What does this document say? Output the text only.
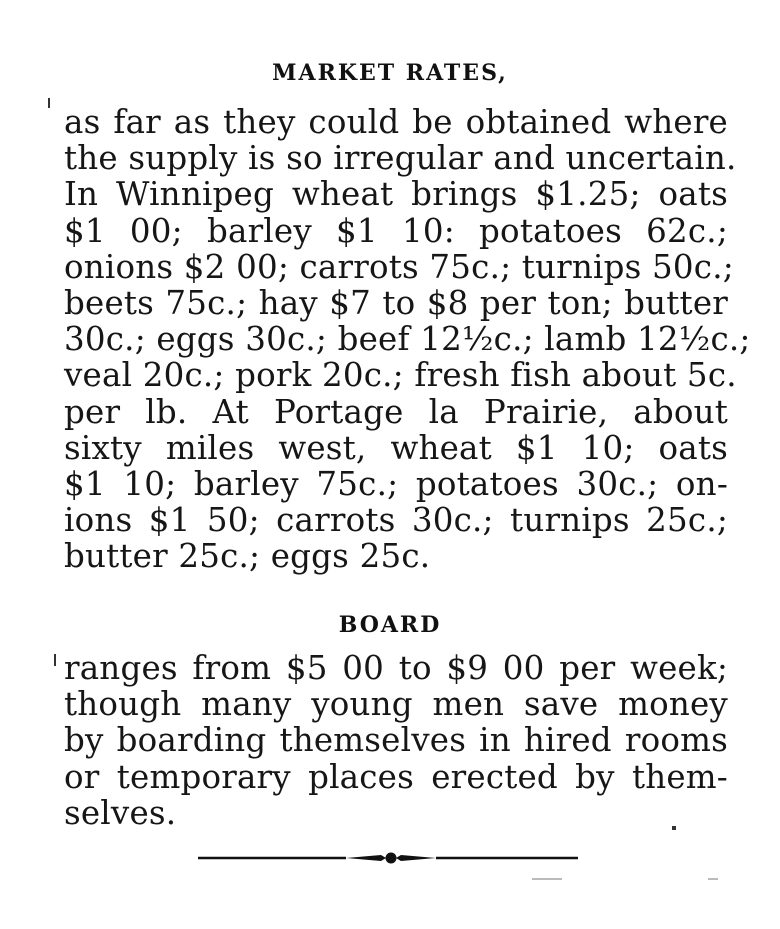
MARKET RATES,

as far as they could be obtained where
the supply is so irregular and uncertain.
In Winnipeg wheat brings $1.25; oats
$1 00; barley $1 10: potatoes 62c.;
onions $2 00; carrots 75c.; turnips 50c.;
beets 75c.; hay $7 to $8 per ton; butter
30c.; eggs 30c.; beef 12½c.; lamb 12½c.;
veal 20c.; pork 20c.; fresh fish about 5c.
per lb. At Portage la Prairie, about
sixty miles west, wheat $1 10; oats
$1 10; barley 75c.; potatoes 30c.; on-
ions $1 50; carrots 30c.; turnips 25c.;
butter 25c.; eggs 25c.

BOARD

ranges from $5 00 to $9 00 per week;
though many young men save money
by boarding themselves in hired rooms
or temporary places erected by them-
selves.
